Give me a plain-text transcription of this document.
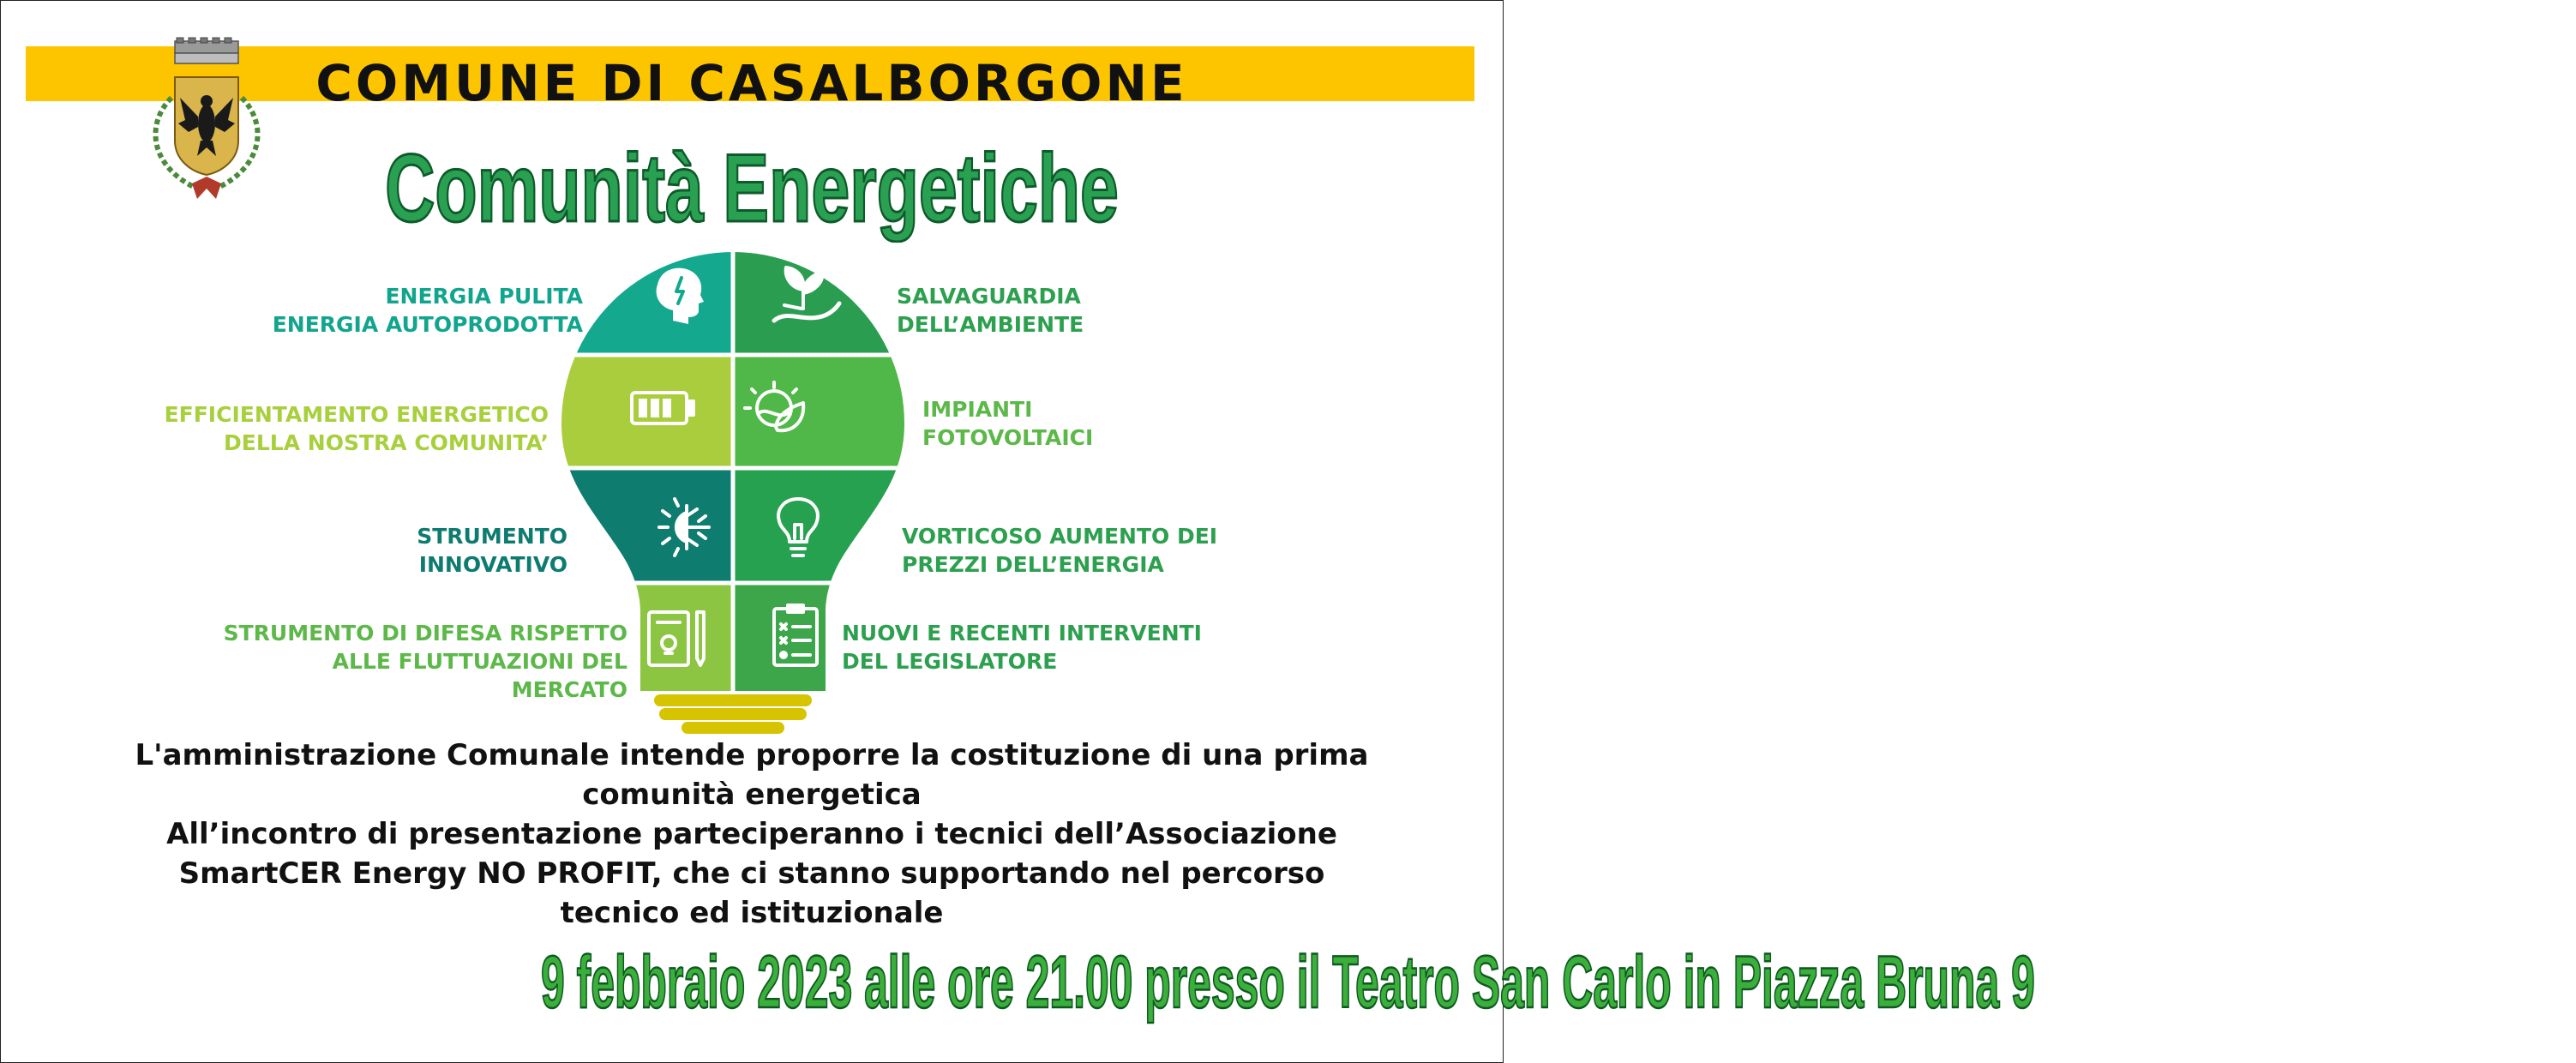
COMUNE DI CASALBORGONE
Comunità Energetiche
ENERGIA PULITA
ENERGIA AUTOPRODOTTA
SALVAGUARDIA
DELL’AMBIENTE
EFFICIENTAMENTO ENERGETICO
DELLA NOSTRA COMUNITA’
IMPIANTI
FOTOVOLTAICI
STRUMENTO
INNOVATIVO
VORTICOSO AUMENTO DEI
PREZZI DELL’ENERGIA
STRUMENTO DI DIFESA RISPETTO
ALLE FLUTTUAZIONI DEL
MERCATO
NUOVI E RECENTI INTERVENTI
DEL LEGISLATORE
L'amministrazione Comunale intende proporre la costituzione di una prima
comunità energetica
All’incontro di presentazione parteciperanno i tecnici dell’Associazione
SmartCER Energy NO PROFIT, che ci stanno supportando nel percorso
tecnico ed istituzionale
9 febbraio 2023 alle ore 21.00 presso il Teatro San Carlo in Piazza Bruna 9
